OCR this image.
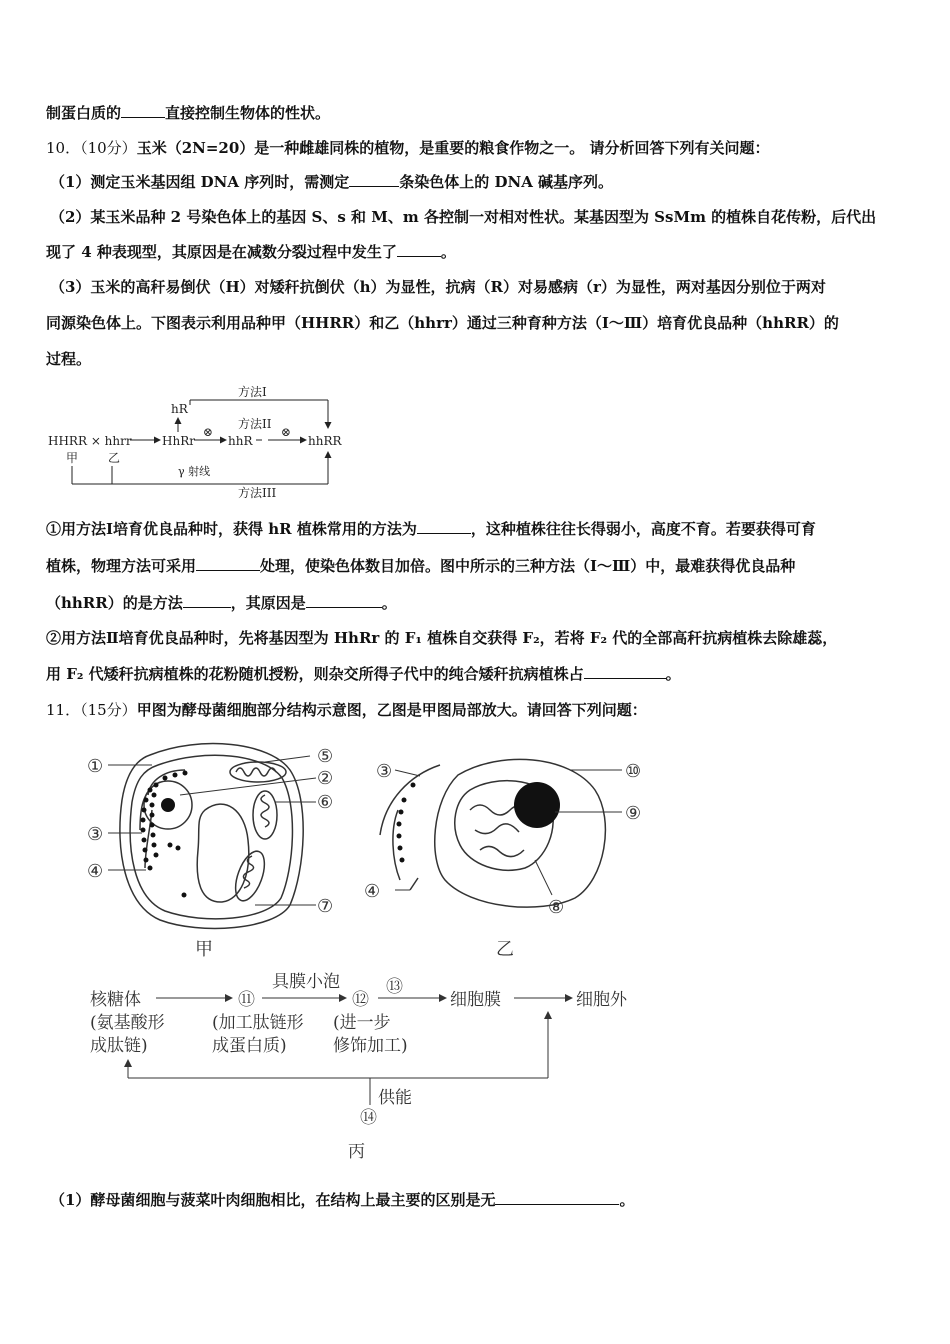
制蛋白质的	直接控制生物体的性状。
10．（10分）玉米（2N=20）是一种雌雄同株的植物，是重要的粮食作物之一。 请分析回答下列有关问题：
（1）测定玉米基因组 DNA 序列时，需测定	条染色体上的 DNA 碱基序列。
（2）某玉米品种 2 号染色体上的基因 S、s 和 M、m 各控制一对相对性状。某基因型为 SsMm 的植株自花传粉，后代出
现了 4 种表现型，其原因是在减数分裂过程中发生了	。
（3）玉米的高秆易倒伏（H）对矮秆抗倒伏（h）为显性，抗病（R）对易感病（r）为显性，两对基因分别位于两对
同源染色体上。下图表示利用品种甲（HHRR）和乙（hhrr）通过三种育种方法（Ⅰ～Ⅲ）培育优良品种（hhRR）的
过程。
HHRR × hhrr
甲 乙
HhRr
hR
方法I
⊗
hhR
方法II
⊗
hhRR
γ 射线
方法III
①用方法Ⅰ培育优良品种时，获得 hR 植株常用的方法为	，这种植株往往长得弱小，高度不育。若要获得可育
植株，物理方法可采用	处理，使染色体数目加倍。图中所示的三种方法（Ⅰ～Ⅲ）中，最难获得优良品种
（hhRR）的是方法	，其原因是	。
②用方法Ⅱ培育优良品种时，先将基因型为 HhRr 的 F₁ 植株自交获得 F₂，若将 F₂ 代的全部高秆抗病植株去除雄蕊，
用 F₂ 代矮秆抗病植株的花粉随机授粉，则杂交所得子代中的纯合矮秆抗病植株占	。
11．（15分）甲图为酵母菌细胞部分结构示意图，乙图是甲图局部放大。请回答下列问题：
①	⑤
②
⑥
③
④
⑦
③
④
⑧
⑨
⑩
甲	乙
核糖体
(氨基酸形
成肽链)
⑪
(加工肽链形
成蛋白质)
具膜小泡
⑫
(进一步
修饰加工)
⑬
细胞膜	细胞外
供能
⑭
丙
（1）酵母菌细胞与菠菜叶肉细胞相比，在结构上最主要的区别是无	。
